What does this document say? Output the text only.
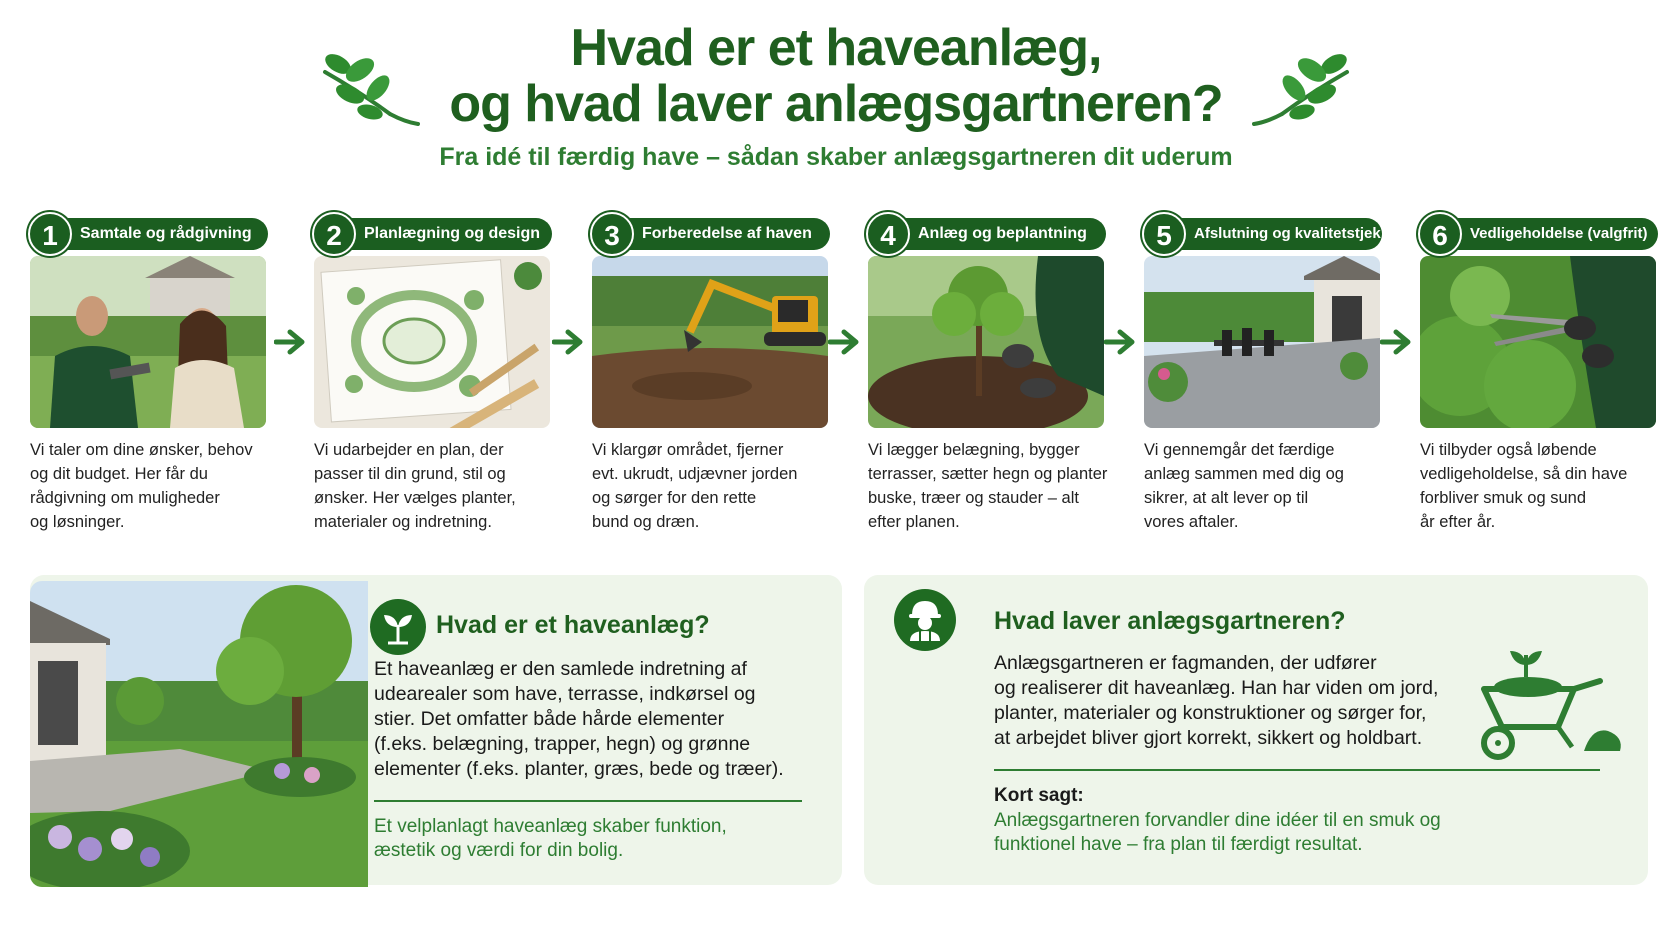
Hvad er et haveanlæg,
og hvad laver anlægsgartneren?
Fra idé til færdig have – sådan skaber anlægsgartneren dit uderum
1	Samtale og rådgivning
Vi taler om dine ønsker, behov
og dit budget. Her får du
rådgivning om muligheder
og løsninger.
2	Planlægning og design
Vi udarbejder en plan, der
passer til din grund, stil og
ønsker. Her vælges planter,
materialer og indretning.
3	Forberedelse af haven
Vi klargør området, fjerner
evt. ukrudt, udjævner jorden
og sørger for den rette
bund og dræn.
4	Anlæg og beplantning
Vi lægger belægning, bygger
terrasser, sætter hegn og planter
buske, træer og stauder – alt
efter planen.
5	Afslutning og kvalitetstjek
Vi gennemgår det færdige
anlæg sammen med dig og
sikrer, at alt lever op til
vores aftaler.
6	Vedligeholdelse (valgfrit)
Vi tilbyder også løbende
vedligeholdelse, så din have
forbliver smuk og sund
år efter år.
Hvad er et haveanlæg?
Et haveanlæg er den samlede indretning af
udearealer som have, terrasse, indkørsel og
stier. Det omfatter både hårde elementer
(f.eks. belægning, trapper, hegn) og grønne
elementer (f.eks. planter, græs, bede og træer).
Et velplanlagt haveanlæg skaber funktion,
æstetik og værdi for din bolig.
Hvad laver anlægsgartneren?
Anlægsgartneren er fagmanden, der udfører
og realiserer dit haveanlæg. Han har viden om jord,
planter, materialer og konstruktioner og sørger for,
at arbejdet bliver gjort korrekt, sikkert og holdbart.
Kort sagt:
Anlægsgartneren forvandler dine idéer til en smuk og
funktionel have – fra plan til færdigt resultat.
